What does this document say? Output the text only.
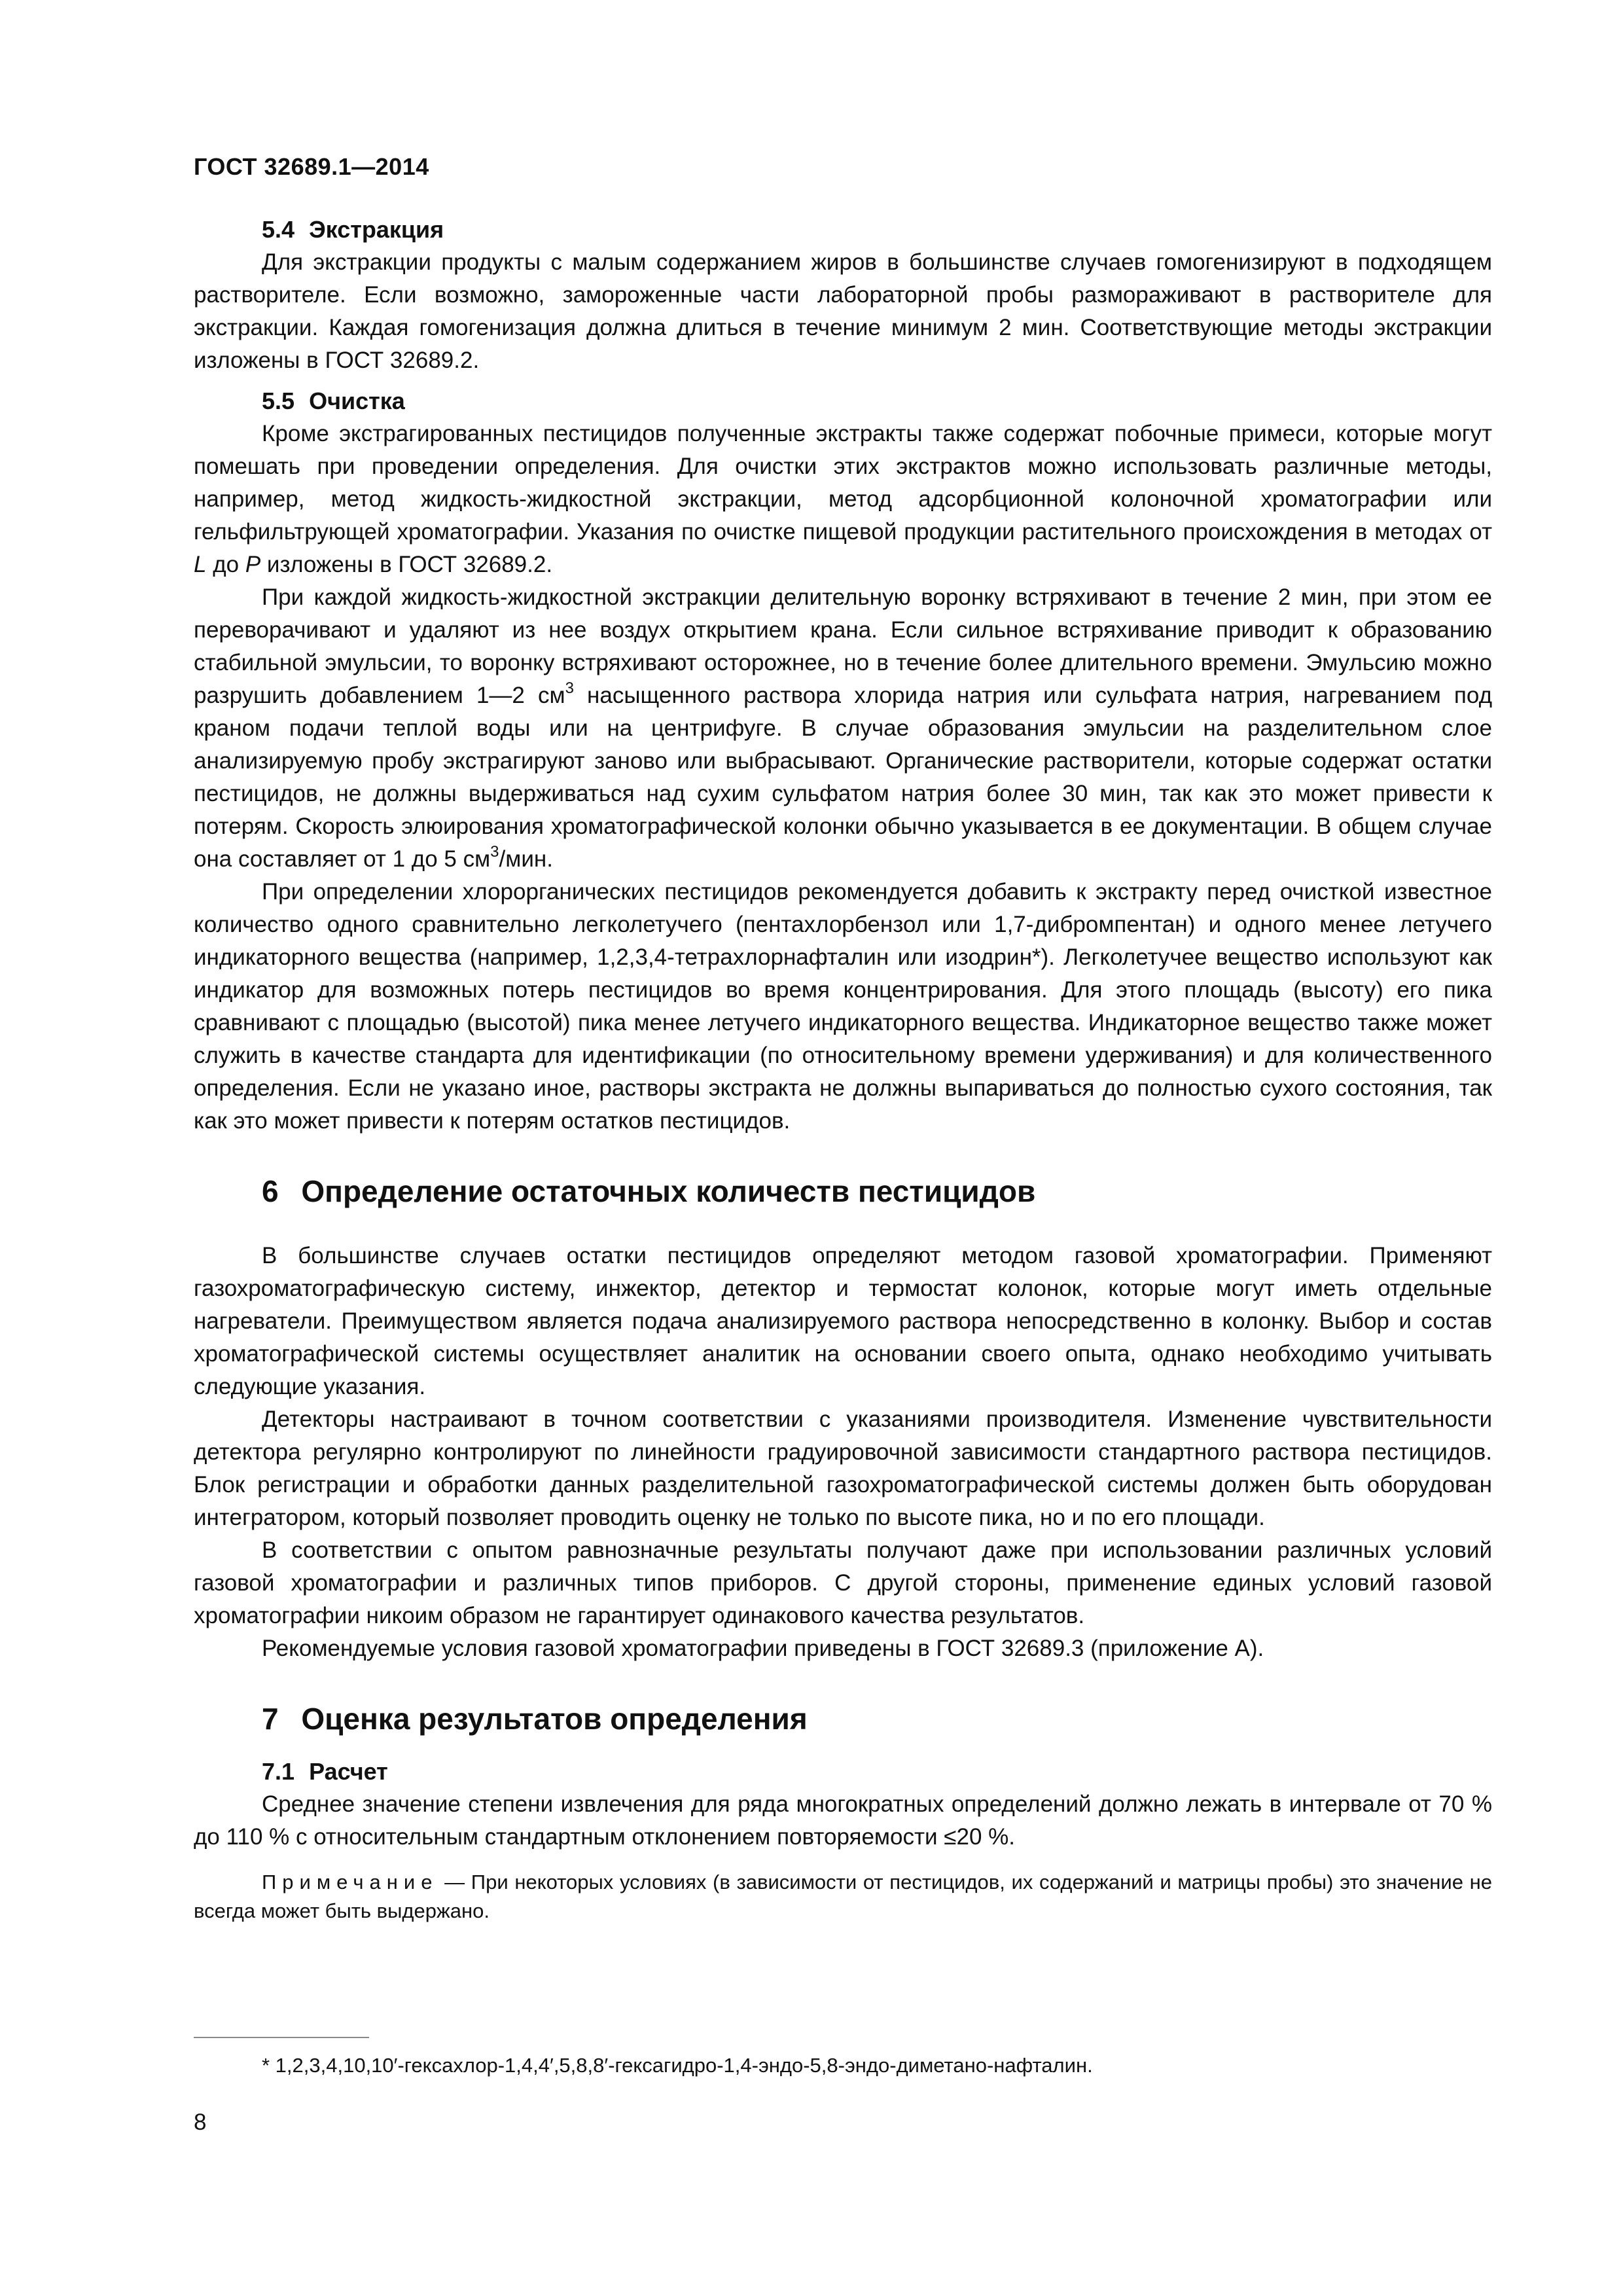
ГОСТ 32689.1—2014
5.4 Экстракция

Для экстракции продукты с малым содержанием жиров в большинстве случаев гомогенизируют в подходящем растворителе. Если возможно, замороженные части лабораторной пробы размораживают в растворителе для экстракции. Каждая гомогенизация должна длиться в течение минимум 2 мин. Соответствующие методы экстракции изложены в ГОСТ 32689.2.

5.5 Очистка

Кроме экстрагированных пестицидов полученные экстракты также содержат побочные примеси, которые могут помешать при проведении определения. Для очистки этих экстрактов можно использовать различные методы, например, метод жидкость-жидкостной экстракции, метод адсорбционной колоночной хроматографии или гельфильтрующей хроматографии. Указания по очистке пищевой продукции растительного происхождения в методах от L до P изложены в ГОСТ 32689.2.

При каждой жидкость-жидкостной экстракции делительную воронку встряхивают в течение 2 мин, при этом ее переворачивают и удаляют из нее воздух открытием крана. Если сильное встряхивание приводит к образованию стабильной эмульсии, то воронку встряхивают осторожнее, но в течение более длительного времени. Эмульсию можно разрушить добавлением 1—2 $см^3$ насыщенного раствора хлорида натрия или сульфата натрия, нагреванием под краном подачи теплой воды или на центрифуге. В случае образования эмульсии на разделительном слое анализируемую пробу экстрагируют заново или выбрасывают. Органические растворители, которые содержат остатки пестицидов, не должны выдерживаться над сухим сульфатом натрия более 30 мин, так как это может привести к потерям. Скорость элюирования хроматографической колонки обычно указывается в ее документации. В общем случае она составляет от 1 до 5 $см^3$/мин.

При определении хлорорганических пестицидов рекомендуется добавить к экстракту перед очисткой известное количество одного сравнительно легколетучего (пентахлорбензол или 1,7-дибромпентан) и одного менее летучего индикаторного вещества (например, 1,2,3,4-тетрахлорнафталин или изодрин*). Легколетучее вещество используют как индикатор для возможных потерь пестицидов во время концентрирования. Для этого площадь (высоту) его пика сравнивают с площадью (высотой) пика менее летучего индикаторного вещества. Индикаторное вещество также может служить в качестве стандарта для идентификации (по относительному времени удерживания) и для количественного определения. Если не указано иное, растворы экстракта не должны выпариваться до полностью сухого состояния, так как это может привести к потерям остатков пестицидов.

6 Определение остаточных количеств пестицидов

В большинстве случаев остатки пестицидов определяют методом газовой хроматографии. Применяют газохроматографическую систему, инжектор, детектор и термостат колонок, которые могут иметь отдельные нагреватели. Преимуществом является подача анализируемого раствора непосредственно в колонку. Выбор и состав хроматографической системы осуществляет аналитик на основании своего опыта, однако необходимо учитывать следующие указания.

Детекторы настраивают в точном соответствии с указаниями производителя. Изменение чувствительности детектора регулярно контролируют по линейности градуировочной зависимости стандартного раствора пестицидов. Блок регистрации и обработки данных разделительной газохроматографической системы должен быть оборудован интегратором, который позволяет проводить оценку не только по высоте пика, но и по его площади.

В соответствии с опытом равнозначные результаты получают даже при использовании различных условий газовой хроматографии и различных типов приборов. С другой стороны, применение единых условий газовой хроматографии никоим образом не гарантирует одинакового качества результатов.

Рекомендуемые условия газовой хроматографии приведены в ГОСТ 32689.3 (приложение А).

7 Оценка результатов определения
7.1 Расчет

Среднее значение степени извлечения для ряда многократных определений должно лежать в интервале от 70 % до 110 % с относительным стандартным отклонением повторяемости ≤20 %.

Примечание — При некоторых условиях (в зависимости от пестицидов, их содержаний и матрицы пробы) это значение не всегда может быть выдержано.

* 1,2,3,4,10,10′-гексахлор-1,4,4′,5,8,8′-гексагидро-1,4-эндо-5,8-эндо-диметано-нафталин.
8
